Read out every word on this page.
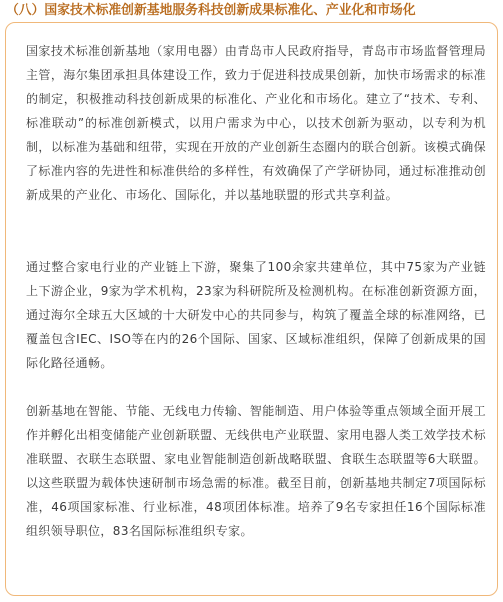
（八）国家技术标准创新基地服务科技创新成果标准化、产业化和市场化

国家技术标准创新基地（家用电器）由青岛市人民政府指导，青岛市市场监督管理局主管，海尔集团承担具体建设工作，致力于促进科技成果创新，加快市场需求的标准的制定，积极推动科技创新成果的标准化、产业化和市场化。建立了“技术、专利、标准联动”的标准创新模式，以用户需求为中心，以技术创新为驱动，以专利为机制，以标准为基础和纽带，实现在开放的产业创新生态圈内的联合创新。该模式确保了标准内容的先进性和标准供给的多样性，有效确保了产学研协同，通过标准推动创新成果的产业化、市场化、国际化，并以基地联盟的形式共享利益。

通过整合家电行业的产业链上下游，聚集了100余家共建单位，其中75家为产业链上下游企业，9家为学术机构，23家为科研院所及检测机构。在标准创新资源方面，通过海尔全球五大区域的十大研发中心的共同参与，构筑了覆盖全球的标准网络，已覆盖包含IEC、ISO等在内的26个国际、国家、区域标准组织，保障了创新成果的国际化路径通畅。

创新基地在智能、节能、无线电力传输、智能制造、用户体验等重点领域全面开展工作并孵化出相变储能产业创新联盟、无线供电产业联盟、家用电器人类工效学技术标准联盟、衣联生态联盟、家电业智能制造创新战略联盟、食联生态联盟等6大联盟。以这些联盟为载体快速研制市场急需的标准。截至目前，创新基地共制定7项国际标准，46项国家标准、行业标准，48项团体标准。培养了9名专家担任16个国际标准组织领导职位，83名国际标准组织专家。
